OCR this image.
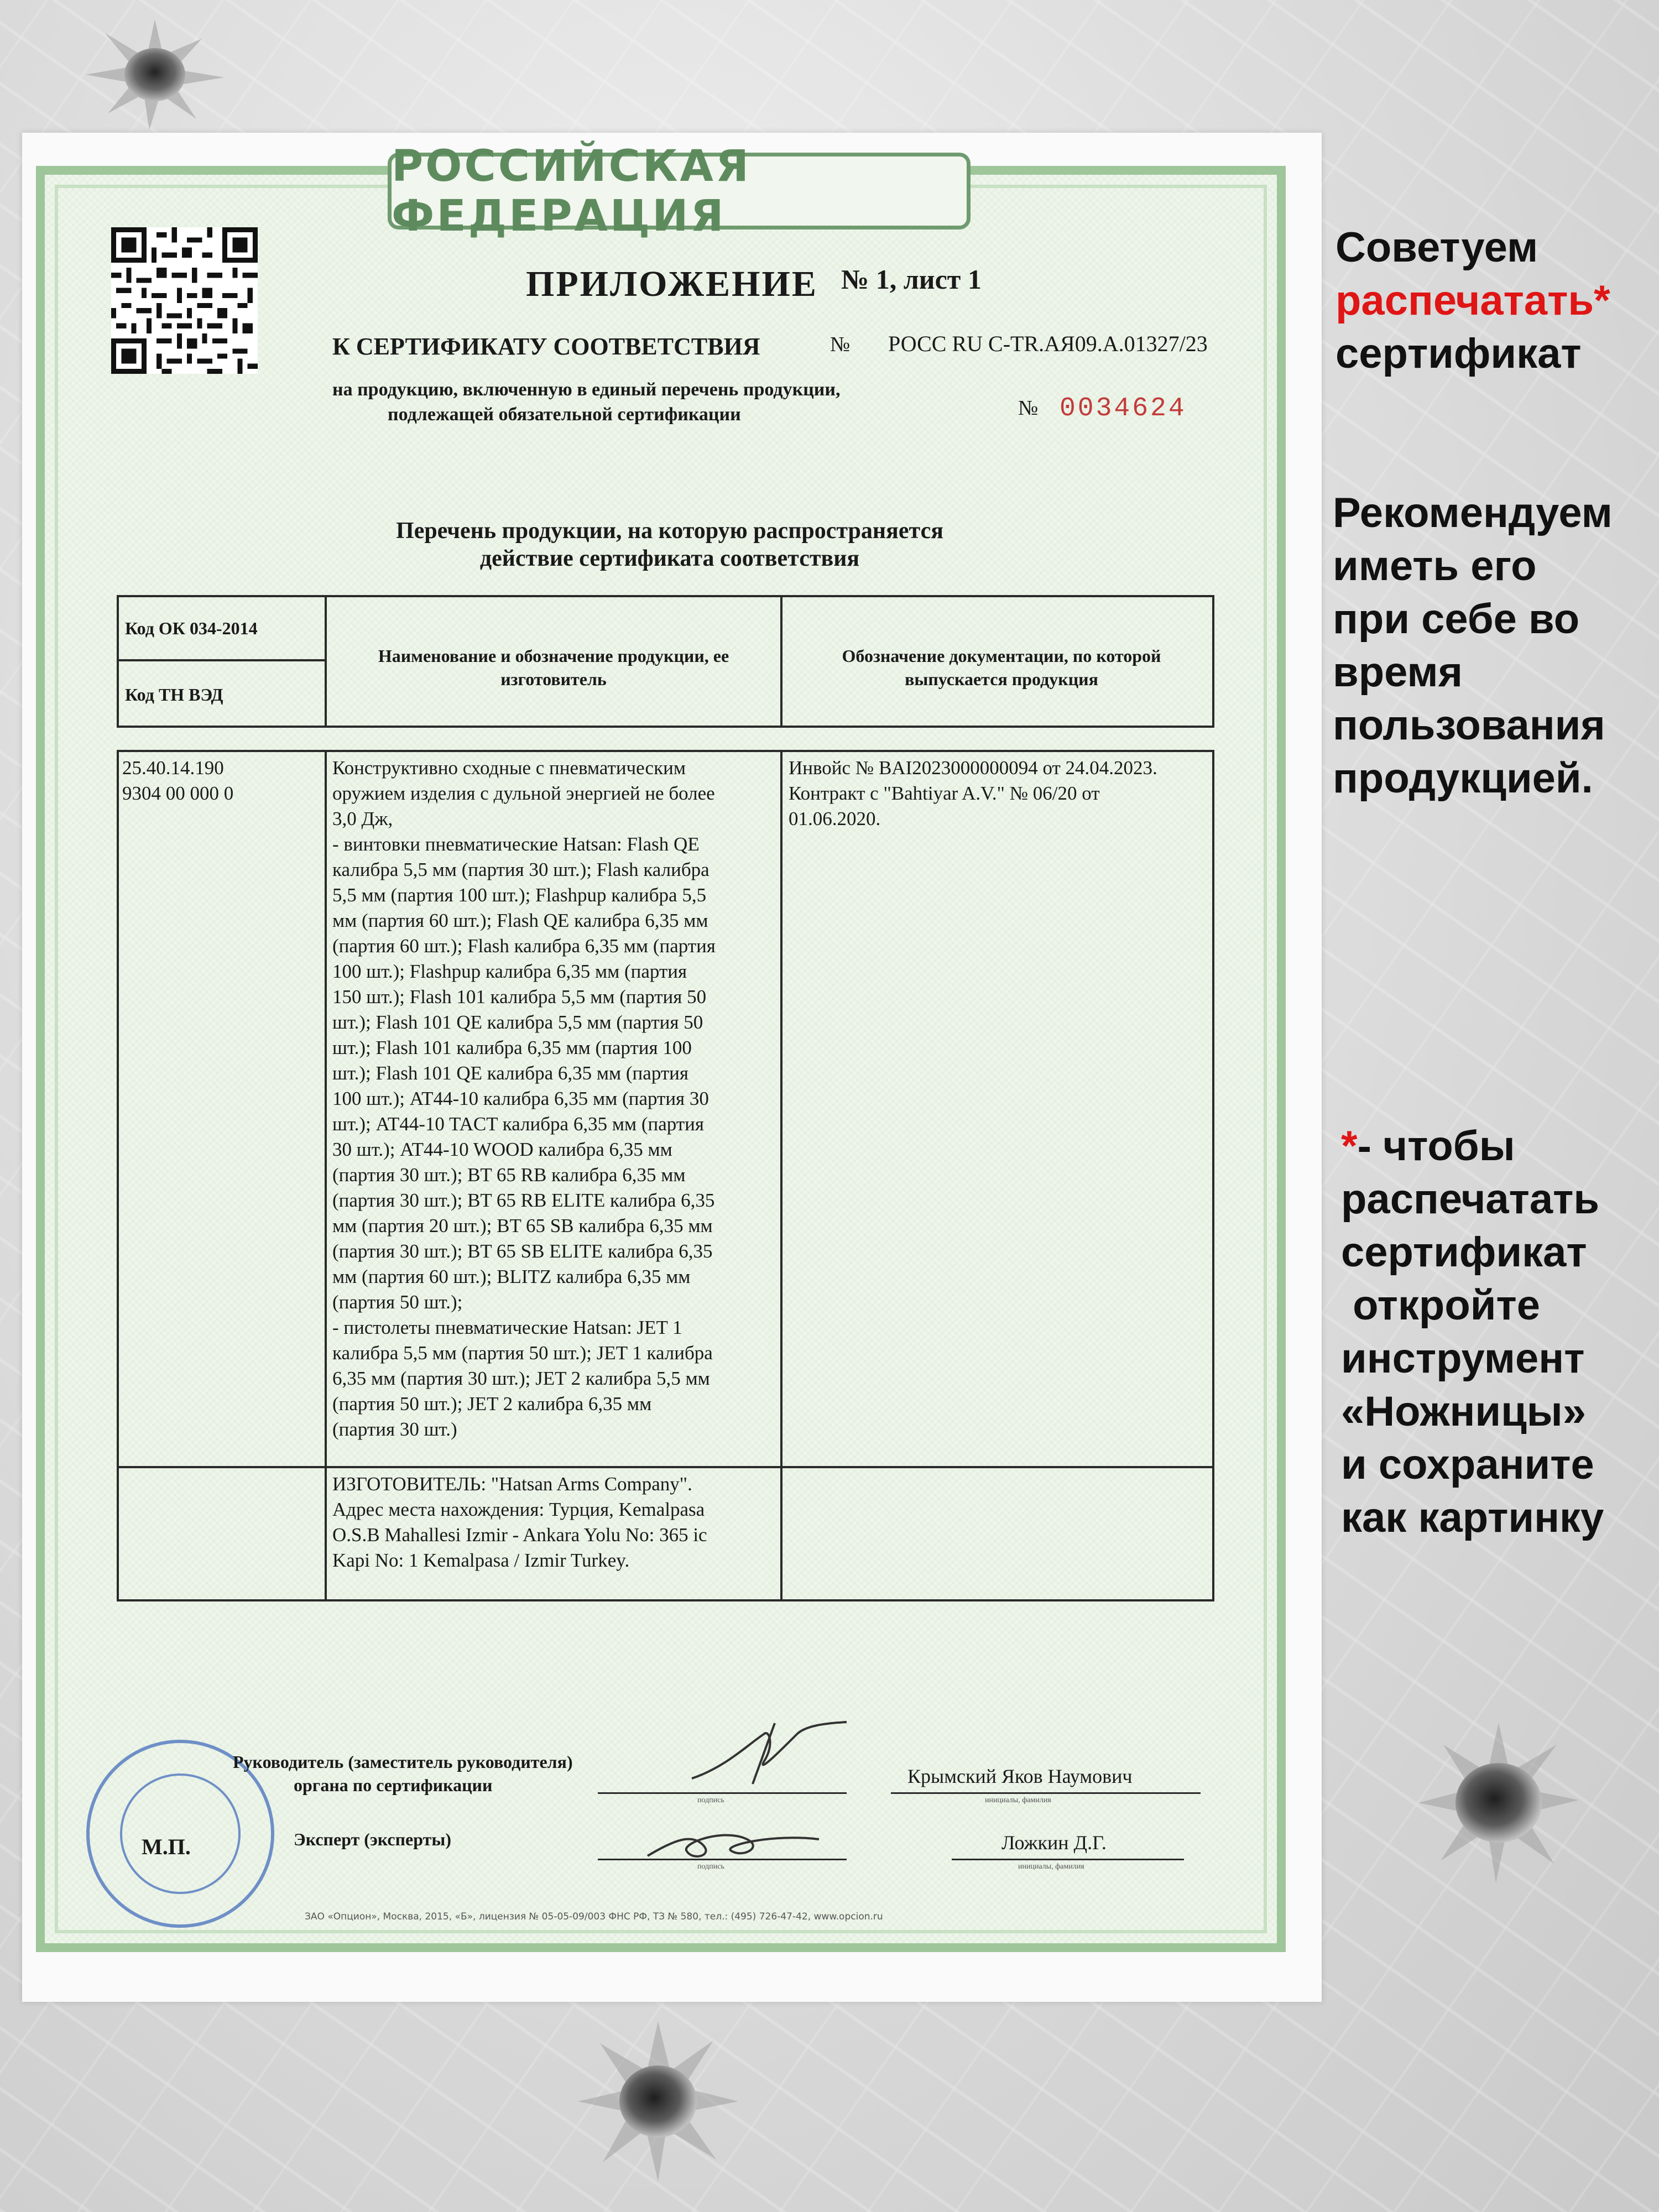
РОССИЙСКАЯ ФЕДЕРАЦИЯ
ПРИЛОЖЕНИЕ № 1, лист 1
К СЕРТИФИКАТУ СООТВЕТСТВИЯ	№ РОСС RU С-TR.АЯ09.А.01327/23
на продукцию, включенную в единый перечень продукции,
подлежащей обязательной сертификации	№ 0034624
Перечень продукции, на которую распространяется
действие сертификата соответствия
Код ОК 034-2014
Код ТН ВЭД
Наименование и обозначение продукции, ее изготовитель
Обозначение документации, по которой выпускается продукция
25.40.14.190
9304 00 000 0
Конструктивно сходные с пневматическим
оружием изделия с дульной энергией не более
3,0 Дж,
- винтовки пневматические Hatsan: Flash QE
калибра 5,5 мм (партия 30 шт.); Flash калибра
5,5 мм (партия 100 шт.); Flashpup калибра 5,5
мм (партия 60 шт.); Flash QE калибра 6,35 мм
(партия 60 шт.); Flash калибра 6,35 мм (партия
100 шт.); Flashpup калибра 6,35 мм (партия
150 шт.); Flash 101 калибра 5,5 мм (партия 50
шт.); Flash 101 QE калибра 5,5 мм (партия 50
шт.); Flash 101 калибра 6,35 мм (партия 100
шт.); Flash 101 QE калибра 6,35 мм (партия
100 шт.); AT44-10 калибра 6,35 мм (партия 30
шт.); AT44-10 TACT калибра 6,35 мм (партия
30 шт.); AT44-10 WOOD калибра 6,35 мм
(партия 30 шт.); BT 65 RB калибра 6,35 мм
(партия 30 шт.); BT 65 RB ELITE калибра 6,35
мм (партия 20 шт.); BT 65 SB калибра 6,35 мм
(партия 30 шт.); BT 65 SB ELITE калибра 6,35
мм (партия 60 шт.); BLITZ калибра 6,35 мм
(партия 50 шт.);
- пистолеты пневматические Hatsan: JET 1
калибра 5,5 мм (партия 50 шт.); JET 1 калибра
6,35 мм (партия 30 шт.); JET 2 калибра 5,5 мм
(партия 50 шт.); JET 2 калибра 6,35 мм
(партия 30 шт.)
Инвойс № BAI2023000000094 от 24.04.2023.
Контракт с "Bahtiyar A.V." № 06/20 от
01.06.2020.
ИЗГОТОВИТЕЛЬ: "Hatsan Arms Company".
Адрес места нахождения: Турция, Kemalpasa
O.S.B Mahallesi Izmir - Ankara Yolu No: 365 ic
Kapi No: 1 Kemalpasa / Izmir Turkey.
М.П.
Руководитель (заместитель руководителя)
органа по сертификации
подпись
Крымский Яков Наумович
инициалы, фамилия
Эксперт (эксперты)
подпись
Ложкин Д.Г.
инициалы, фамилия
ЗАО «Опцион», Москва, 2015, «Б», лицензия № 05-05-09/003 ФНС РФ, ТЗ № 580, тел.: (495) 726-47-42, www.opcion.ru
Советуем
распечатать*
сертификат
Рекомендуем
иметь его
при себе во
время
пользования
продукцией.
*- чтобы
распечатать
сертификат
откройте
инструмент
«Ножницы»
и сохраните
как картинку
